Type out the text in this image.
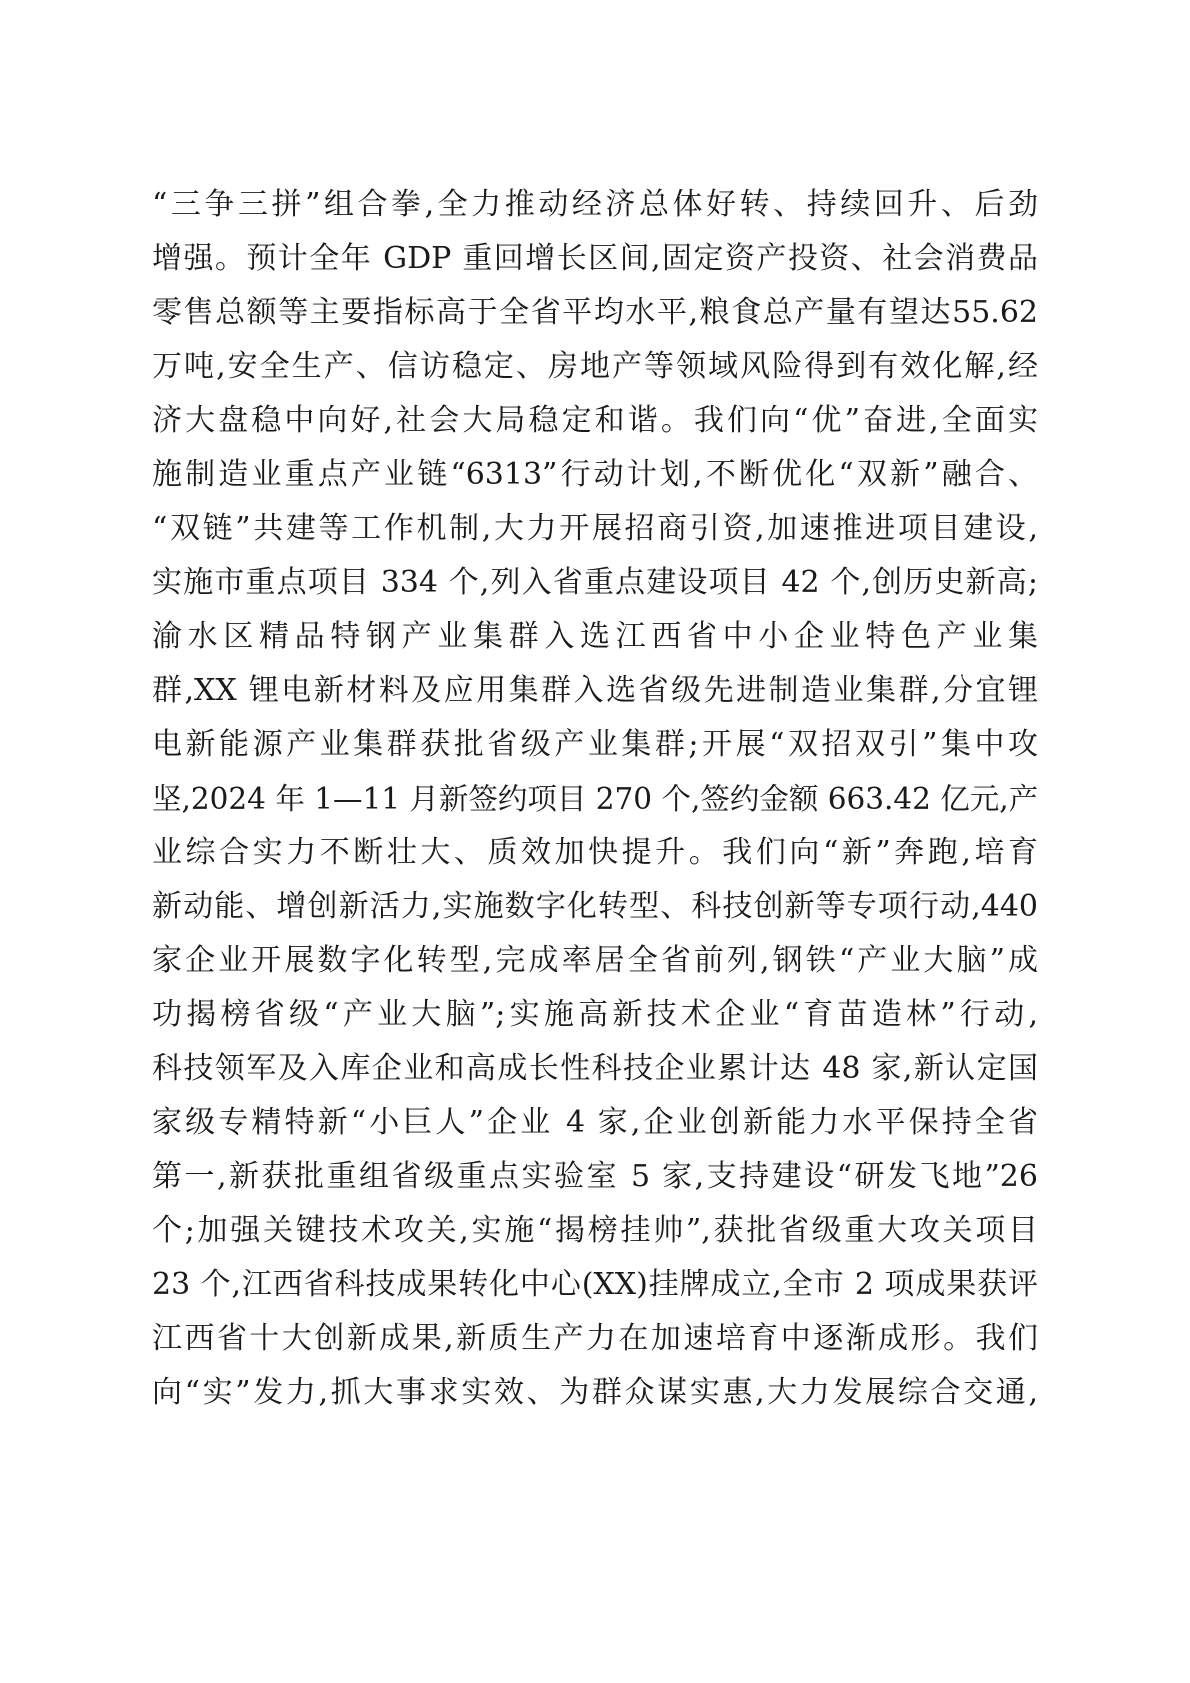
“三争三拼”组合拳,全力推动经济总体好转、持续回升、后劲
增强。预计全年 GDP 重回增长区间,固定资产投资、社会消费品
零售总额等主要指标高于全省平均水平,粮食总产量有望达55.62
万吨,安全生产、信访稳定、房地产等领域风险得到有效化解,经
济大盘稳中向好,社会大局稳定和谐。我们向“优”奋进,全面实
施制造业重点产业链“6313”行动计划,不断优化“双新”融合、
“双链”共建等工作机制,大力开展招商引资,加速推进项目建设,
实施市重点项目 334 个,列入省重点建设项目 42 个,创历史新高;
渝水区精品特钢产业集群入选江西省中小企业特色产业集
群,XX 锂电新材料及应用集群入选省级先进制造业集群,分宜锂
电新能源产业集群获批省级产业集群;开展“双招双引”集中攻
坚,2024 年 1—11 月新签约项目 270 个,签约金额 663.42 亿元,产
业综合实力不断壮大、质效加快提升。我们向“新”奔跑,培育
新动能、增创新活力,实施数字化转型、科技创新等专项行动,440
家企业开展数字化转型,完成率居全省前列,钢铁“产业大脑”成
功揭榜省级“产业大脑”;实施高新技术企业“育苗造林”行动,
科技领军及入库企业和高成长性科技企业累计达 48 家,新认定国
家级专精特新“小巨人”企业 4 家,企业创新能力水平保持全省
第一,新获批重组省级重点实验室 5 家,支持建设“研发飞地”26
个;加强关键技术攻关,实施“揭榜挂帅”,获批省级重大攻关项目
23 个,江西省科技成果转化中心(XX)挂牌成立,全市 2 项成果获评
江西省十大创新成果,新质生产力在加速培育中逐渐成形。我们
向“实”发力,抓大事求实效、为群众谋实惠,大力发展综合交通,
